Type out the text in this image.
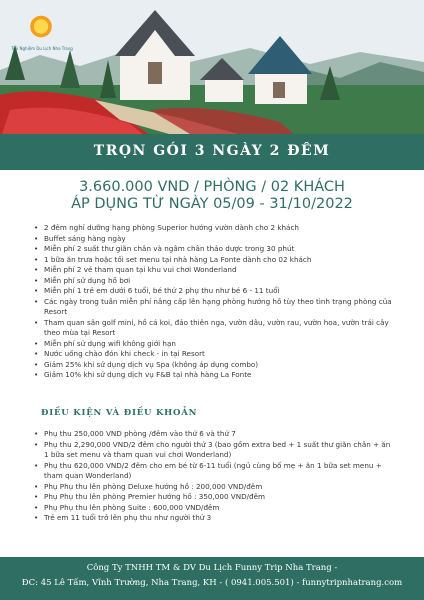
Trải Nghiệm Du Lịch Nha Trang
TRỌN GÓI 3 NGÀY 2 ĐÊM
3.660.000 VND / PHÒNG / 02 KHÁCH
ÁP DỤNG TỪ NGÀY 05/09 - 31/10/2022
• 2 đêm nghỉ dưỡng hạng phòng Superior hướng vườn dành cho 2 khách
• Buffet sáng hàng ngày
• Miễn phí 2 suất thư giãn chân và ngâm chân thảo dược trong 30 phút
• 1 bữa ăn trưa hoặc tối set menu tại nhà hàng La Fonte dành cho 02 khách
• Miễn phí 2 vé tham quan tại khu vui chơi Wonderland
• Miễn phí sử dụng hồ bơi
• Miễn phí 1 trẻ em dưới 6 tuổi, bé thứ 2 phụ thu như bé 6 - 11 tuổi
• Các ngày trong tuần miễn phí nâng cấp lên hạng phòng hướng hồ tùy theo tình trạng phòng của Resort
• Tham quan sân golf mini, hồ cá koi, đảo thiên nga, vườn dâu, vườn rau, vườn hoa, vườn trái cây theo mùa tại Resort
• Miễn phí sử dụng wifi không giới hạn
• Nước uống chào đón khi check - in tại Resort
• Giảm 25% khi sử dụng dịch vụ Spa (không áp dụng combo)
• Giảm 10% khi sử dụng dịch vụ F&B tại nhà hàng La Fonte
ĐIỀU KIỆN VÀ ĐIỀU KHOẢN
• Phụ thu 250,000 VND phòng /đêm vào thứ 6 và thứ 7
• Phụ thu 2,290,000 VND/2 đêm cho người thứ 3 (bao gồm extra bed + 1 suất thư giãn chân + ăn 1 bữa set menu và tham quan vui chơi Wonderland)
• Phụ thu 620,000 VND/2 đêm cho em bé từ 6-11 tuổi (ngủ cùng bố mẹ + ăn 1 bữa set menu + tham quan Wonderland)
• Phụ Phụ thu lên phòng Deluxe hướng hồ : 200,000 VND/đêm
• Phụ Phụ thu lên phòng Premier hướng hồ : 350,000 VND/đêm
• Phụ Phụ thu lên phòng Suite : 600,000 VND/đêm
• Trẻ em 11 tuổi trở lên phụ thu như người thứ 3
Công Ty TNHH TM & DV Du Lịch Funny Trip Nha Trang -
ĐC: 45 Lê Tấm, Vĩnh Trường, Nha Trang, KH - ( 0941.005.501) - funnytripnhatrang.com
